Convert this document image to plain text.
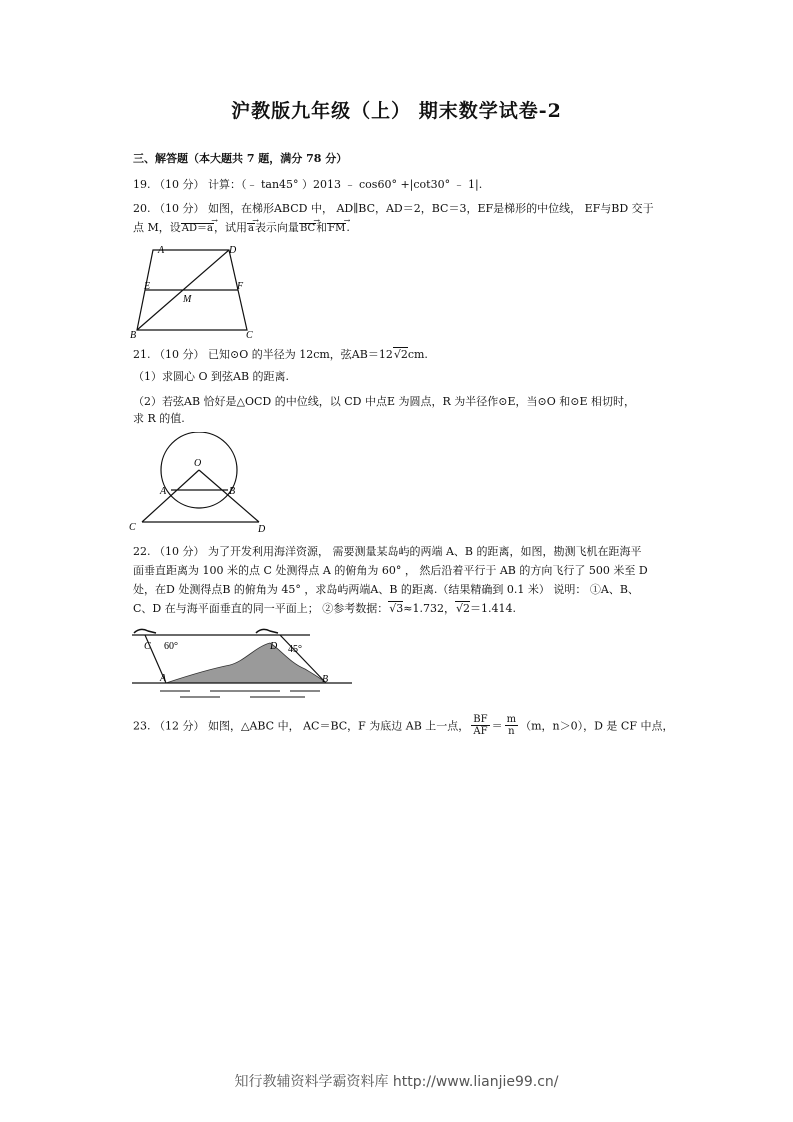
沪教版九年级（上） 期末数学试卷-2
三、解答题（本大题共 7 题，满分 78 分）
19. （10 分） 计算：（﹣ tan45° ）2013 ﹣ cos60° +|cot30° ﹣ 1|.
20. （10 分） 如图，在梯形ABCD 中， AD∥BC，AD＝2，BC＝3，EF是梯形的中位线， EF与BD 交于
点 M，设AD＝a →，试用a →表示向量BC →和FM →.
A	D
E	F
M
B	C
21. （10 分） 已知⊙O 的半径为 12cm，弦AB＝12√2cm.
（1）求圆心 O 到弦AB 的距离.
（2）若弦AB 恰好是△OCD 的中位线，以 CD 中点E 为圆点，R 为半径作⊙E，当⊙O 和⊙E 相切时，
求 R 的值.
O
A	B
C	D
22. （10 分） 为了开发利用海洋资源， 需要测量某岛屿的两端 A、B 的距离，如图，勘测飞机在距海平
面垂直距离为 100 米的点 C 处测得点 A 的俯角为 60° ， 然后沿着平行于 AB 的方向飞行了 500 米至 D
处，在D 处测得点B 的俯角为 45° ，求岛屿两端A、B 的距离.（结果精确到 0.1 米） 说明： ①A、B、
C、D 在与海平面垂直的同一平面上； ②参考数据：√3≈1.732，√2＝1.414.
C 60°	D 45°
A	B
23. （12 分） 如图，△ABC 中， AC＝BC，F 为底边 AB 上一点， $\frac{BF}{AF} = \frac{m}{n} (m$，n＞0），D 是 CF 中点，
知行教辅资料学霸资料库 http://www.lianjie99.cn/
